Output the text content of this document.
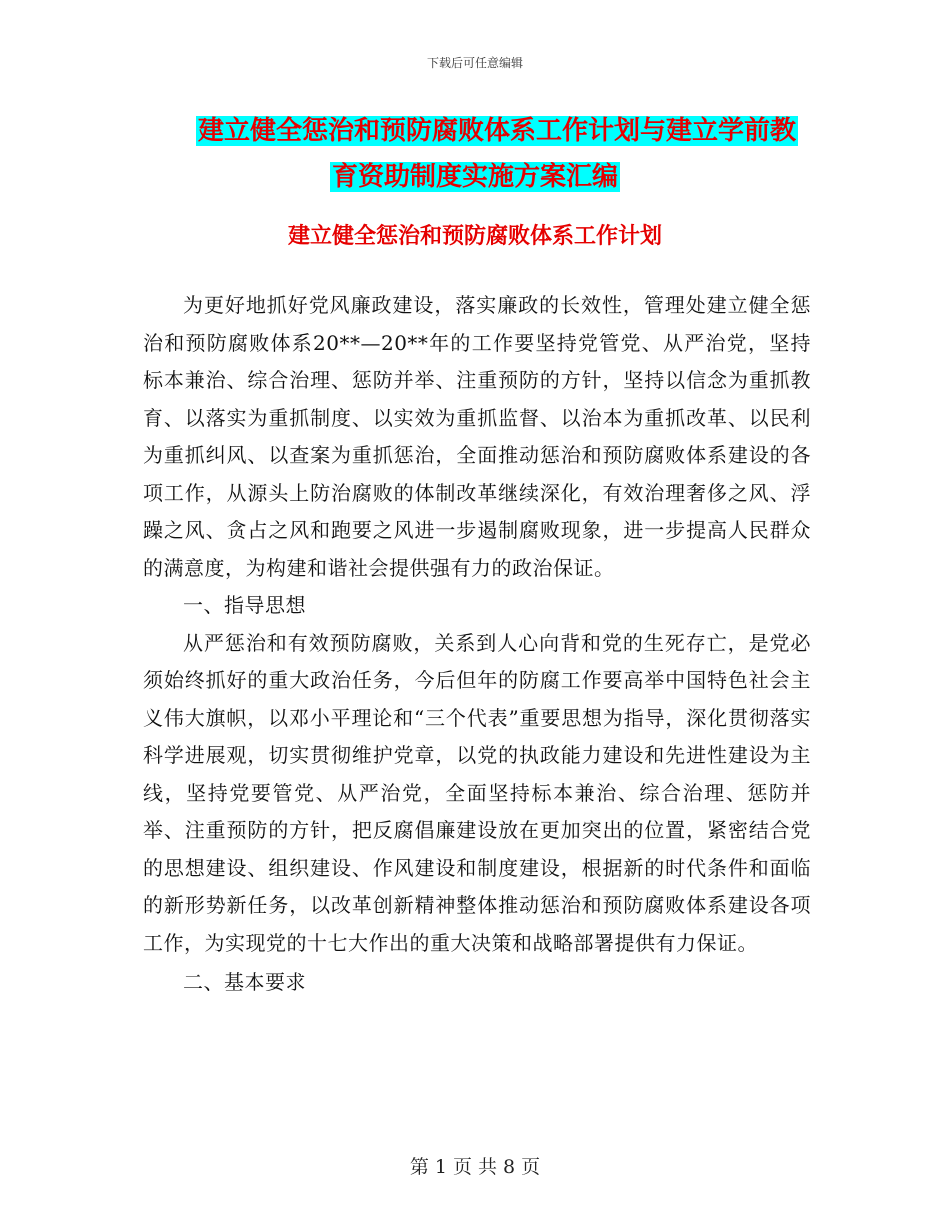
下载后可任意编辑
建立健全惩治和预防腐败体系工作计划与建立学前教
育资助制度实施方案汇编
建立健全惩治和预防腐败体系工作计划

为更好地抓好党风廉政建设，落实廉政的长效性，管理处建立健全惩治和预防腐败体系20**—20**年的工作要坚持党管党、从严治党，坚持标本兼治、综合治理、惩防并举、注重预防的方针，坚持以信念为重抓教育、以落实为重抓制度、以实效为重抓监督、以治本为重抓改革、以民利为重抓纠风、以查案为重抓惩治，全面推动惩治和预防腐败体系建设的各项工作，从源头上防治腐败的体制改革继续深化，有效治理奢侈之风、浮躁之风、贪占之风和跑要之风进一步遏制腐败现象，进一步提高人民群众的满意度，为构建和谐社会提供强有力的政治保证。

一、指导思想

从严惩治和有效预防腐败，关系到人心向背和党的生死存亡，是党必须始终抓好的重大政治任务，今后但年的防腐工作要高举中国特色社会主义伟大旗帜，以邓小平理论和“三个代表”重要思想为指导，深化贯彻落实科学进展观，切实贯彻维护党章，以党的执政能力建设和先进性建设为主线，坚持党要管党、从严治党，全面坚持标本兼治、综合治理、惩防并举、注重预防的方针，把反腐倡廉建设放在更加突出的位置，紧密结合党的思想建设、组织建设、作风建设和制度建设，根据新的时代条件和面临的新形势新任务，以改革创新精神整体推动惩治和预防腐败体系建设各项工作，为实现党的十七大作出的重大决策和战略部署提供有力保证。

二、基本要求

第 1 页 共 8 页
